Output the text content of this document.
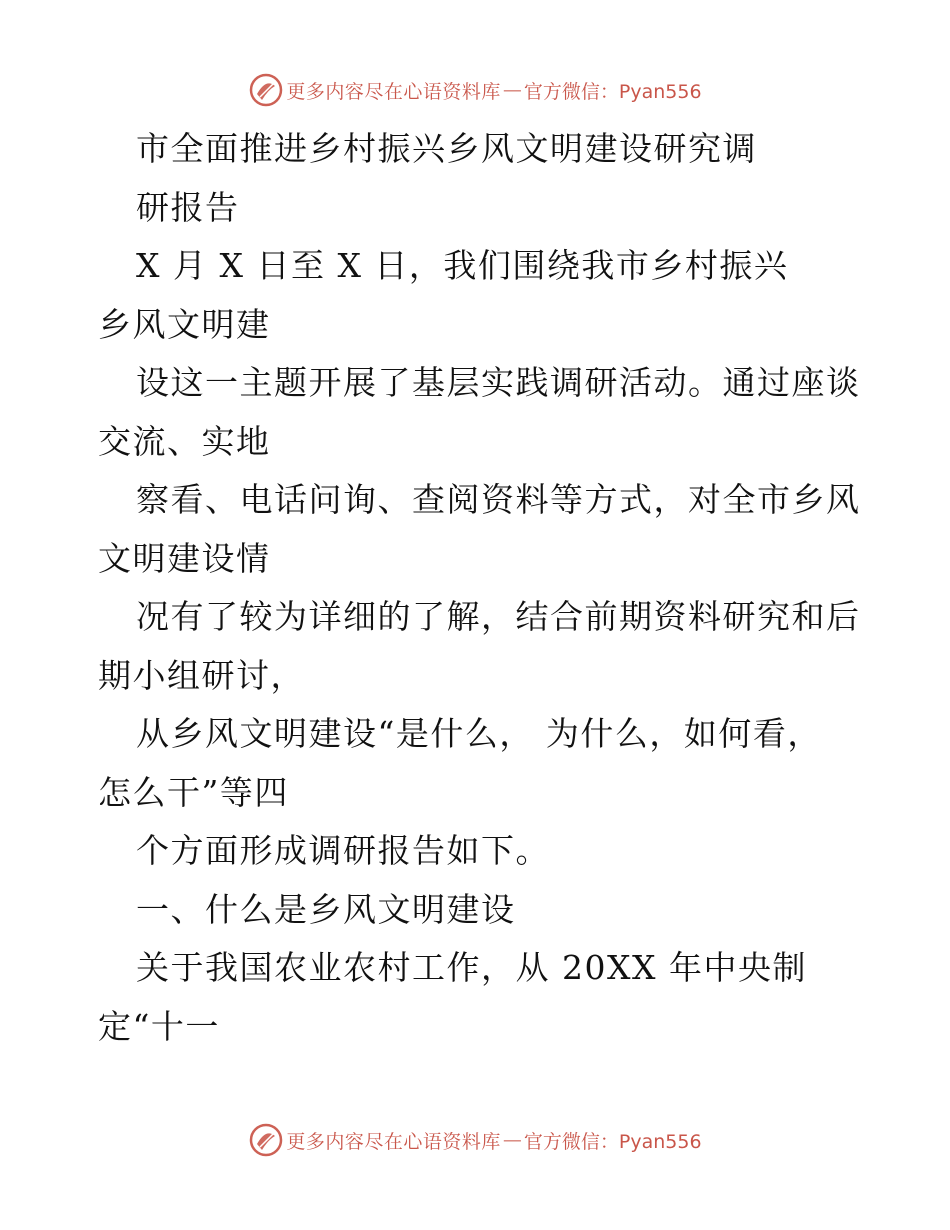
更多内容尽在心语资料库 — 官方微信：Pyan556
市全面推进乡村振兴乡风文明建设研究调
研报告
X 月 X 日至 X 日，我们围绕我市乡村振兴
乡风文明建
设这一主题开展了基层实践调研活动。通过座谈
交流、实地
察看、电话问询、查阅资料等方式，对全市乡风
文明建设情
况有了较为详细的了解，结合前期资料研究和后
期小组研讨，
从乡风文明建设“是什么， 为什么，如何看，
怎么干”等四
个方面形成调研报告如下。
一、什么是乡风文明建设
关于我国农业农村工作，从 20XX 年中央制
定“十一
更多内容尽在心语资料库 — 官方微信：Pyan556
